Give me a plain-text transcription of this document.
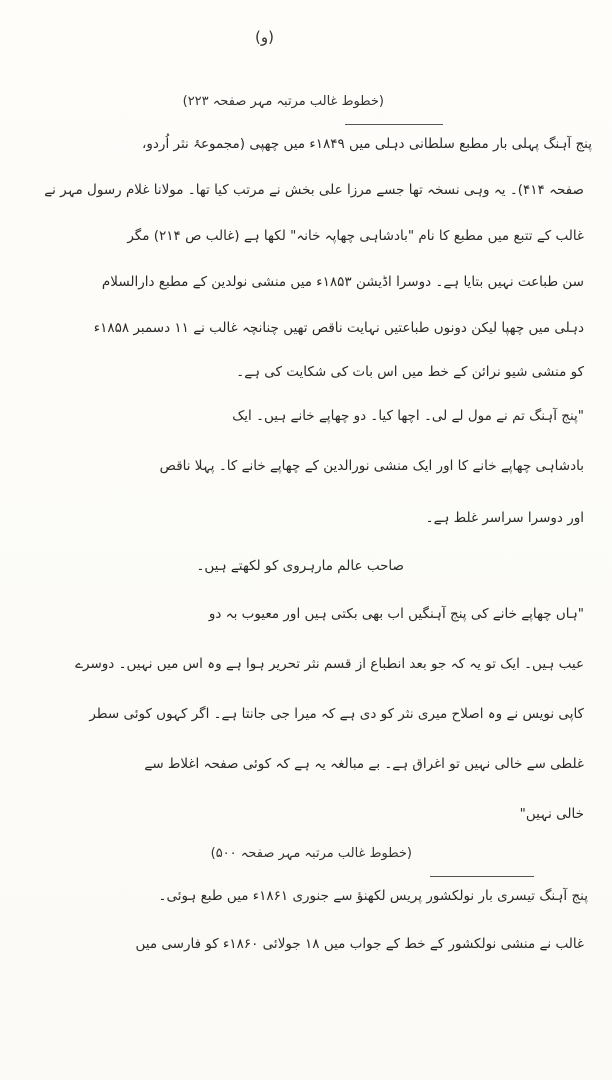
(و)
(خطوط غالب مرتبہ مہر صفحہ ۲۲۳)
پنج آہنگ پہلی بار مطبع سلطانی دہلی میں ۱۸۴۹ء میں چھپی (مجموعۂ نثر اُردو،
صفحہ ۴۱۴)۔ یہ وہی نسخہ تھا جسے مرزا علی بخش نے مرتب کیا تھا۔ مولانا غلام رسول مہر نے
غالب کے تتبع میں مطبع کا نام "بادشاہی چھاپہ خانہ" لکھا ہے (غالب ص ۲۱۴) مگر
سن طباعت نہیں بتایا ہے۔ دوسرا اڈیشن ۱۸۵۳ء میں منشی نولدین کے مطبع دارالسلام
دہلی میں چھپا لیکن دونوں طباعتیں نہایت ناقص تھیں چنانچہ غالب نے ۱۱ دسمبر ۱۸۵۸ء
کو منشی شیو نرائن کے خط میں اس بات کی شکایت کی ہے۔
"پنج آہنگ تم نے مول لے لی۔ اچھا کیا۔ دو چھاپے خانے ہیں۔ ایک
بادشاہی چھاپے خانے کا اور ایک منشی نورالدین کے چھاپے خانے کا۔ پہلا ناقص
اور دوسرا سراسر غلط ہے۔
صاحب عالم مارہروی کو لکھتے ہیں۔
"ہاں چھاپے خانے کی پنج آہنگیں اب بھی بکتی ہیں اور معیوب بہ دو
عیب ہیں۔ ایک تو یہ کہ جو بعد انطباع از قسم نثر تحریر ہوا ہے وہ اس میں نہیں۔ دوسرے
کاپی نویس نے وہ اصلاح میری نثر کو دی ہے کہ میرا جی جانتا ہے۔ اگر کہوں کوئی سطر
غلطی سے خالی نہیں تو اغراق ہے۔ بے مبالغہ یہ ہے کہ کوئی صفحہ اغلاط سے
خالی نہیں"
(خطوط غالب مرتبہ مہر صفحہ ۵۰۰)
پنج آہنگ تیسری بار نولکشور پریس لکھنؤ سے جنوری ۱۸۶۱ء میں طبع ہوئی۔
غالب نے منشی نولکشور کے خط کے جواب میں ۱۸ جولائی ۱۸۶۰ء کو فارسی میں
